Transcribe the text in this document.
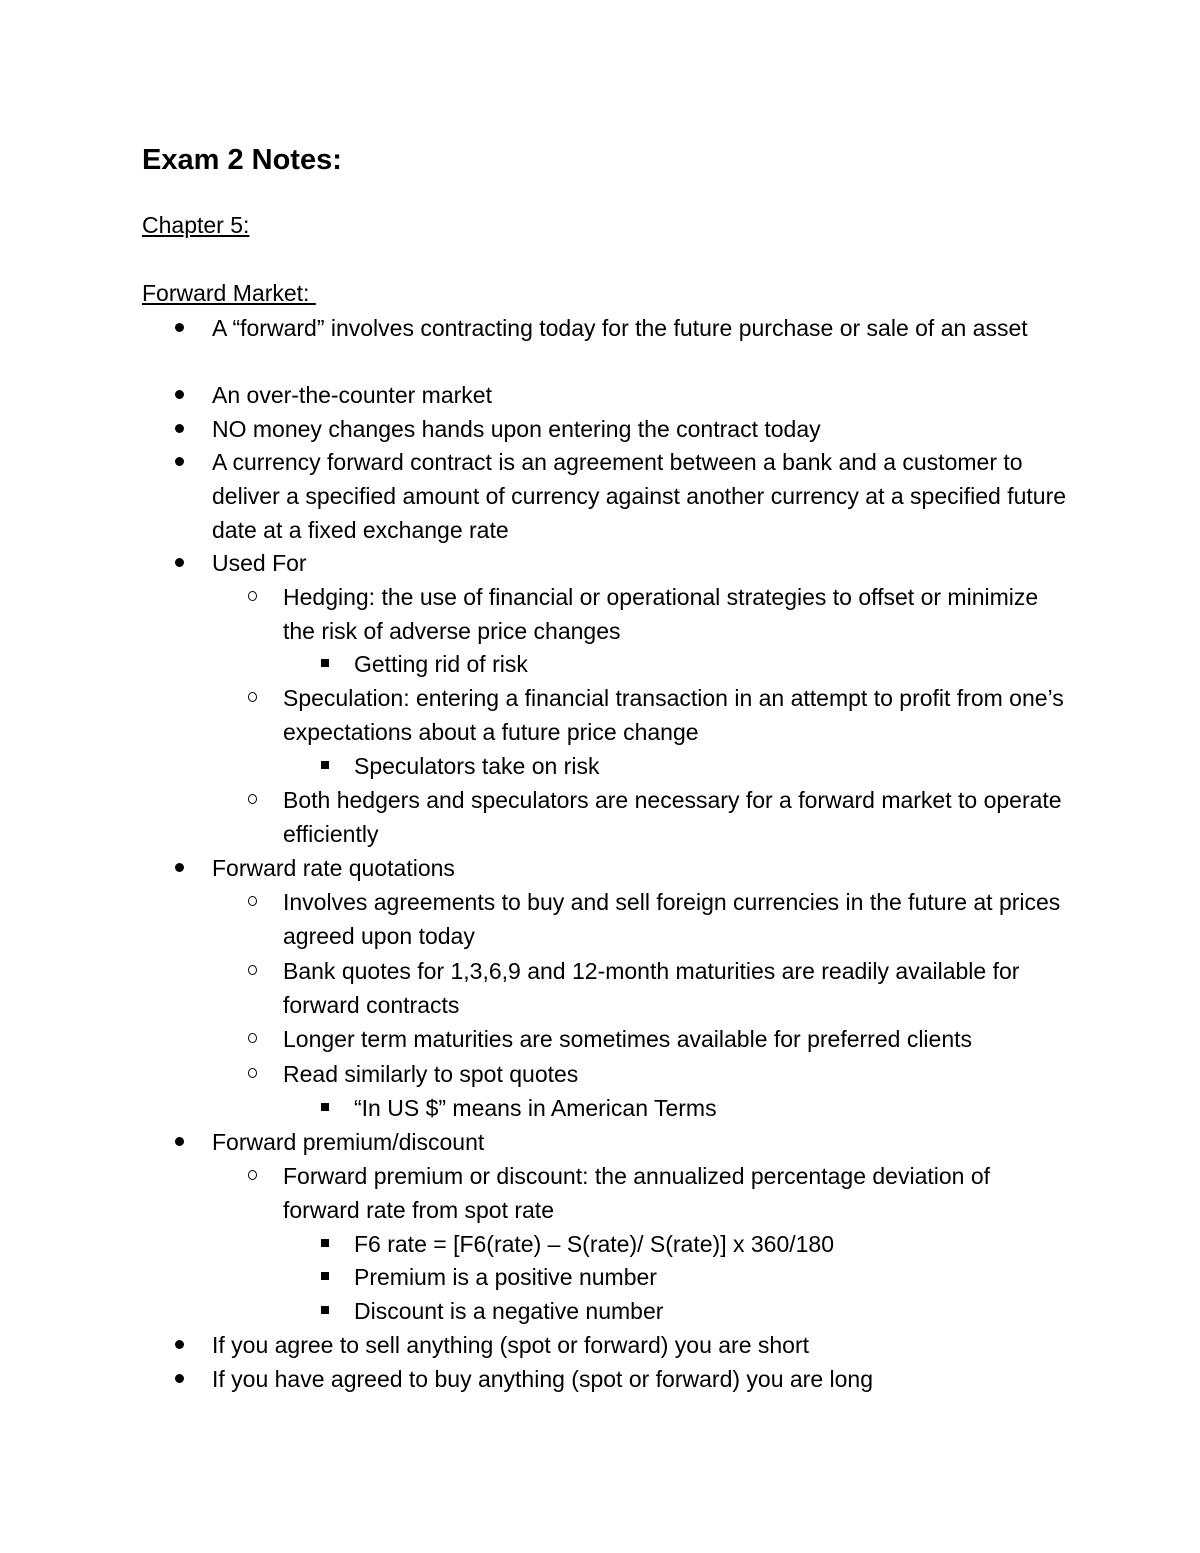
Exam 2 Notes:
Chapter 5:
Forward Market:
A “forward” involves contracting today for the future purchase or sale of an asset
An over-the-counter market
NO money changes hands upon entering the contract today
A currency forward contract is an agreement between a bank and a customer to deliver a specified amount of currency against another currency at a specified future date at a fixed exchange rate
Used For
Hedging: the use of financial or operational strategies to offset or minimize the risk of adverse price changes
Getting rid of risk
Speculation: entering a financial transaction in an attempt to profit from one’s expectations about a future price change
Speculators take on risk
Both hedgers and speculators are necessary for a forward market to operate efficiently
Forward rate quotations
Involves agreements to buy and sell foreign currencies in the future at prices agreed upon today
Bank quotes for 1,3,6,9 and 12-month maturities are readily available for forward contracts
Longer term maturities are sometimes available for preferred clients
Read similarly to spot quotes
“In US $” means in American Terms
Forward premium/discount
Forward premium or discount: the annualized percentage deviation of forward rate from spot rate
F6 rate = [F6(rate) – S(rate)/ S(rate)] x 360/180
Premium is a positive number
Discount is a negative number
If you agree to sell anything (spot or forward) you are short
If you have agreed to buy anything (spot or forward) you are long
